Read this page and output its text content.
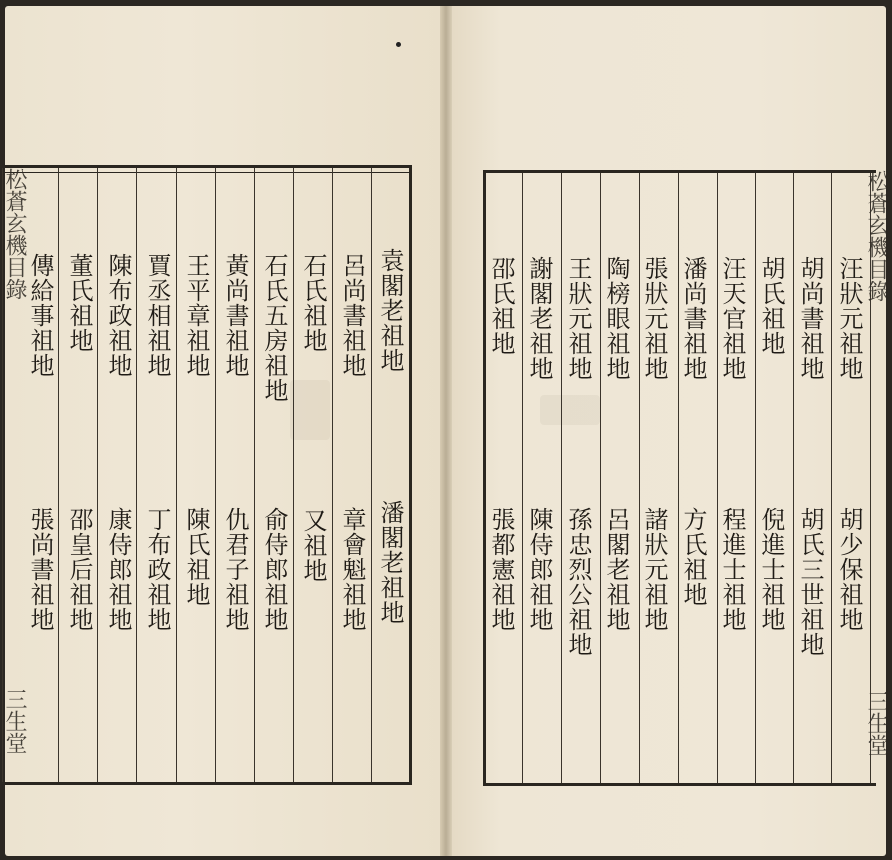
松蒼玄機目錄
三生堂
袁閣老祖地
潘閣老祖地
呂尚書祖地
章會魁祖地
石氏祖地
又祖地
石氏五房祖地
俞侍郎祖地
黃尚書祖地
仇君子祖地
王平章祖地
陳氏祖地
賈丞相祖地
丁布政祖地
陳布政祖地
康侍郎祖地
董氏祖地
邵皇后祖地
傳給事祖地
張尚書祖地
松蒼玄機目錄
三生堂
汪狀元祖地
胡少保祖地
胡尚書祖地
胡氏三世祖地
胡氏祖地
倪進士祖地
汪天官祖地
程進士祖地
潘尚書祖地
方氏祖地
張狀元祖地
諸狀元祖地
陶榜眼祖地
呂閣老祖地
王狀元祖地
孫忠烈公祖地
謝閣老祖地
陳侍郎祖地
邵氏祖地
張都憲祖地
